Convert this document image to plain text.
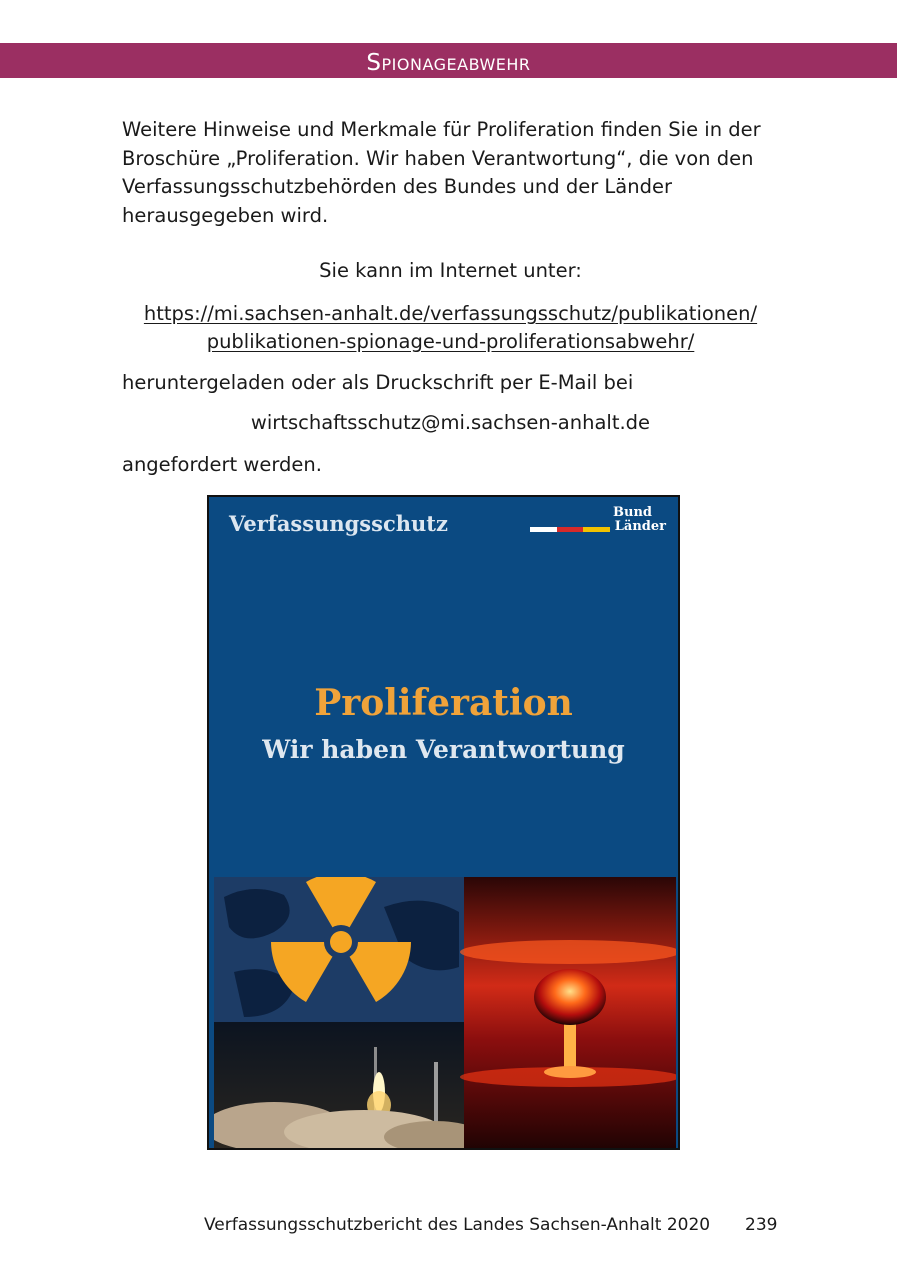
Spionageabwehr

Weitere Hinweise und Merkmale für Proliferation finden Sie in der Broschüre „Proliferation. Wir haben Verantwortung“, die von den Verfassungsschutzbehörden des Bundes und der Länder herausgegeben wird.

Sie kann im Internet unter:
https://mi.sachsen-anhalt.de/verfassungsschutz/publikationen/
publikationen-spionage-und-proliferationsabwehr/
heruntergeladen oder als Druckschrift per E-Mail bei
wirtschaftsschutz@mi.sachsen-anhalt.de
angefordert werden.
Verfassungsschutz	Bund
Länder
Proliferation
Wir haben Verantwortung
Verfassungsschutzbericht des Landes Sachsen-Anhalt 2020 239
